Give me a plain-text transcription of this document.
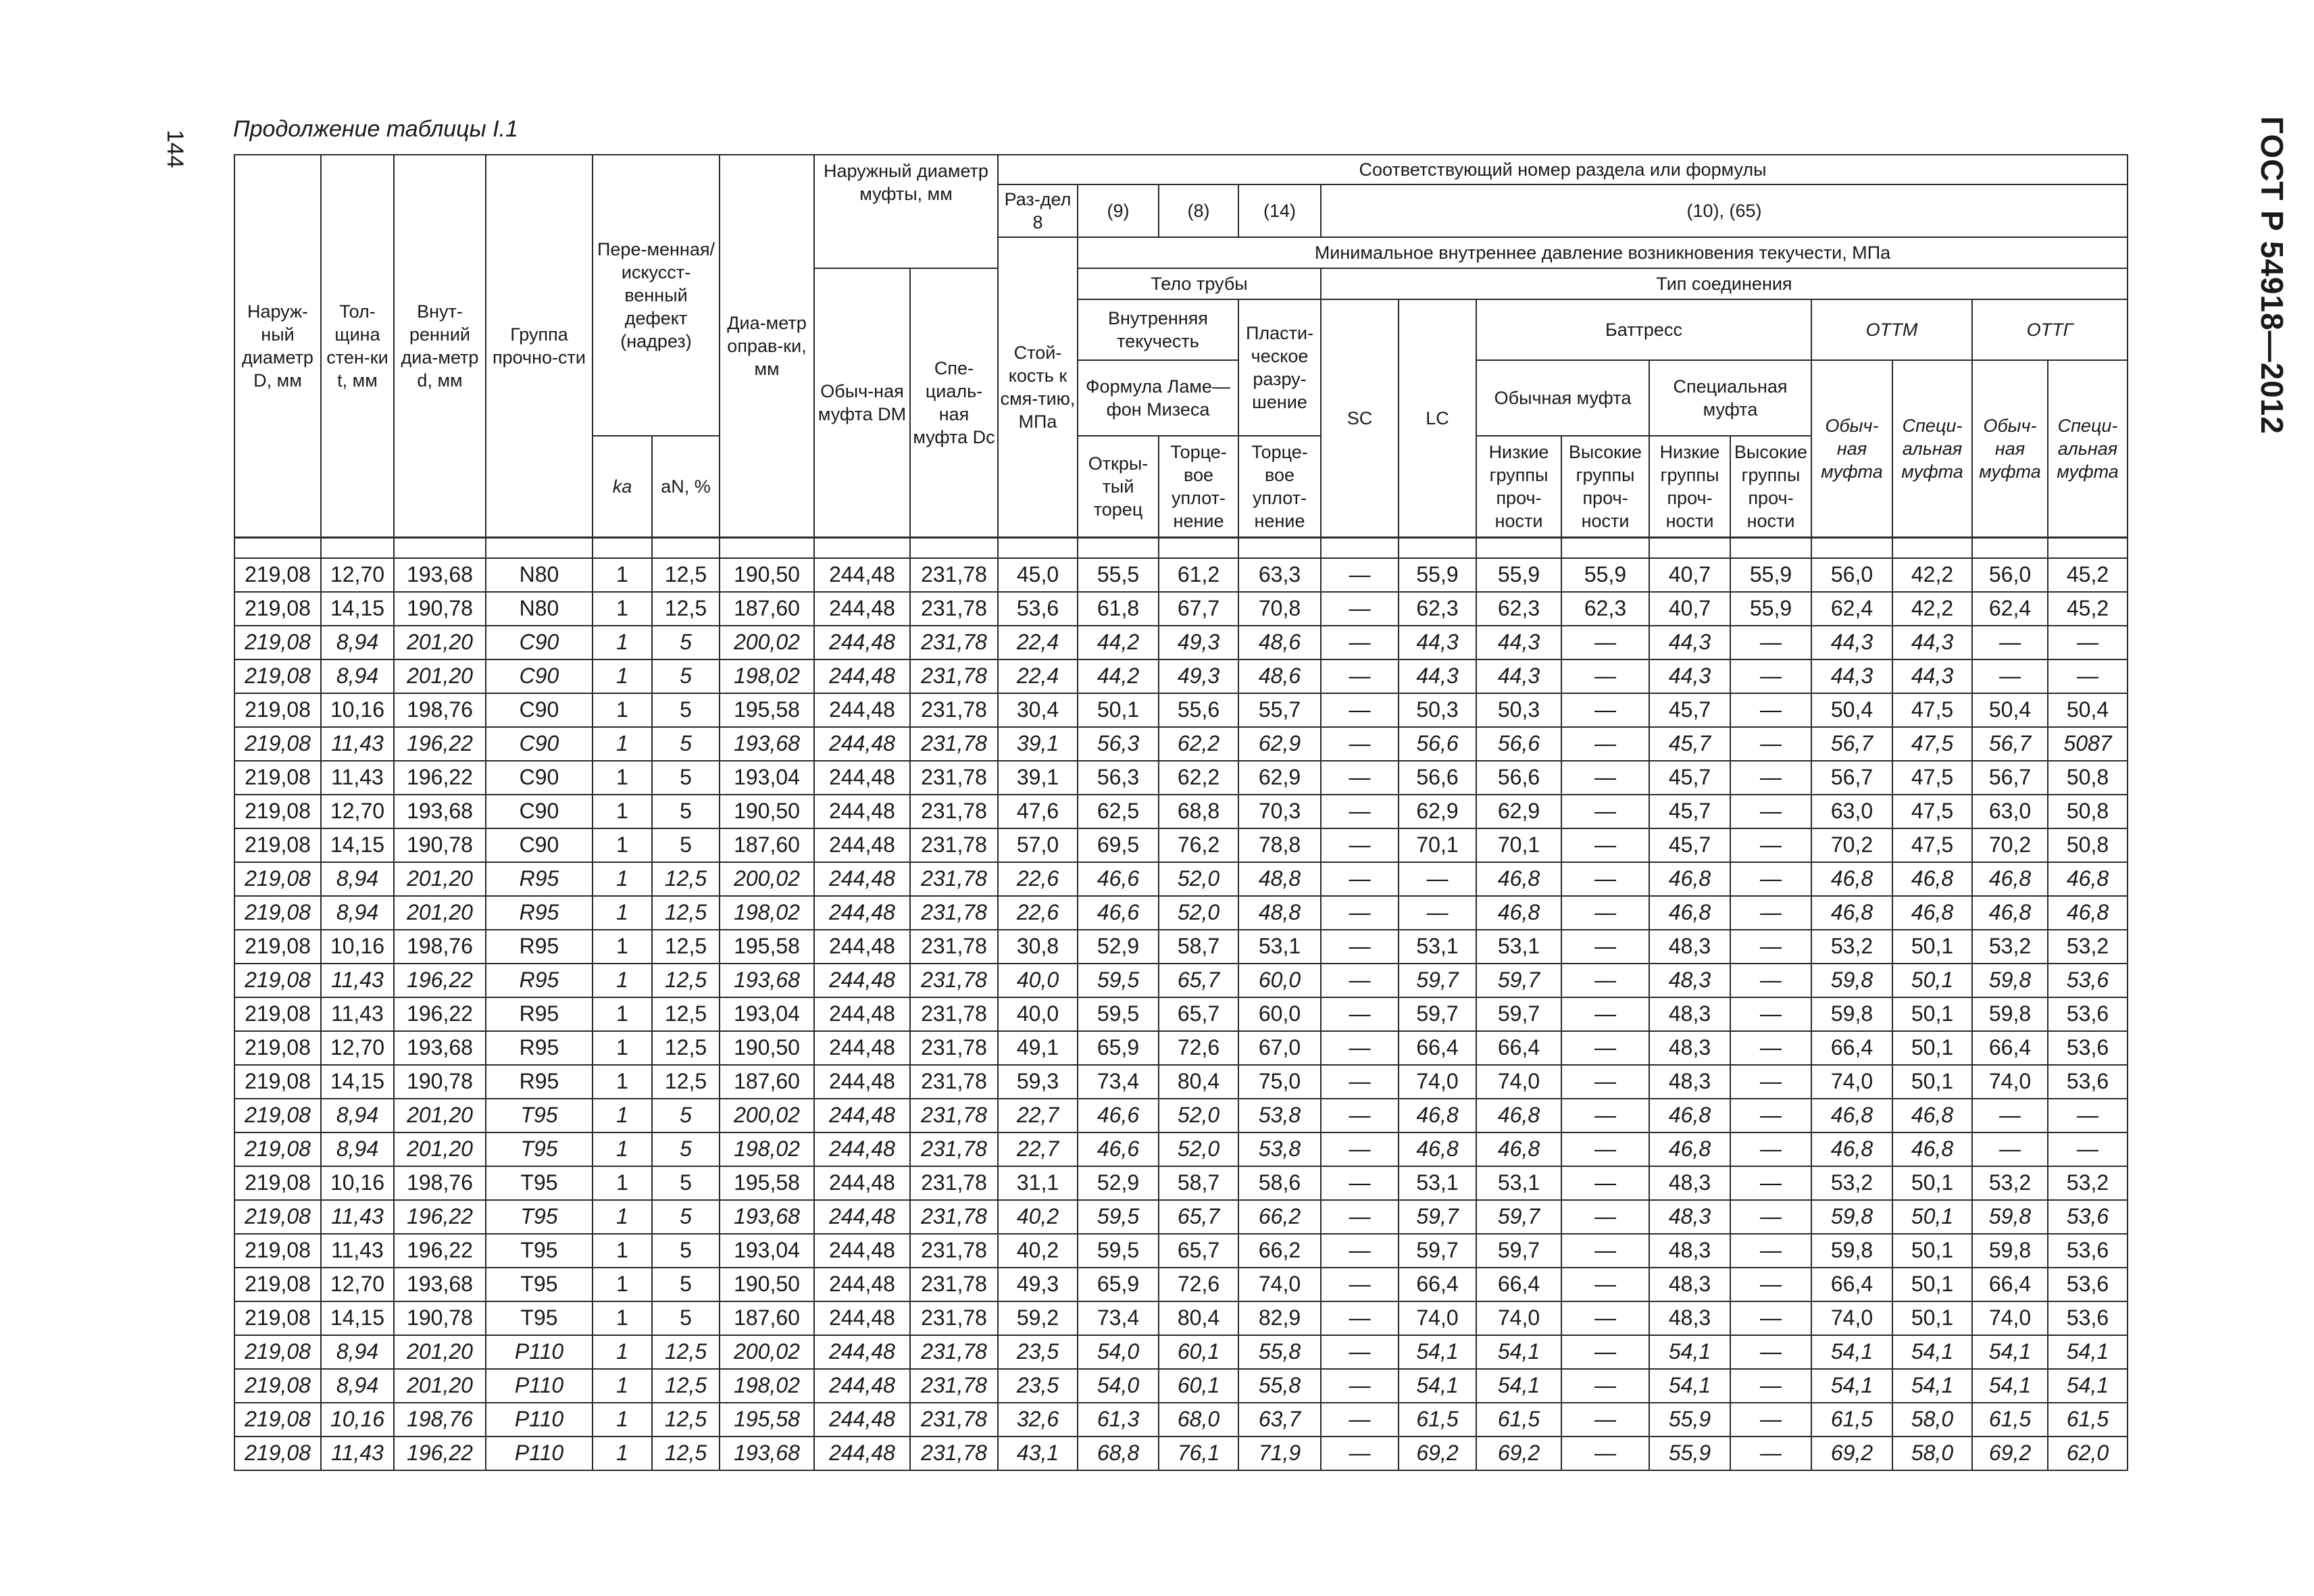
144	ГОСТ Р 54918—2012
Продолжение таблицы I.1
Наруж-ный диаметр D, мм	Тол-щина стен-ки t, мм	Внут-ренний диа-метр d, мм	Группа прочно-сти	Пере-менная/ искусст-венный дефект (надрез)		Диа-метр оправ-ки, мм	Наружный диаметр муфты, мм		Соответствующий номер раздела или формулы													
									Раз-дел 8	(9)	(8)	(14)	(10), (65)									
									Стой-кость к смя-тию, МПа	Минимальное внутреннее давление возникновения текучести, МПа												
							Обыч-ная муфта DМ	Спе-циаль-ная муфта Dс		Тело трубы			Тип соединения									
										Внутренняя текучесть		Пласти-ческое разру-шение	SC	LC	Баттресс				ОТТМ		ОТТГ	
										Формула Ламе—фон Мизеса					Обычная муфта		Специальная муфта		Обыч-ная муфта	Специ-альная муфта	Обыч-ная муфта	Специ-альная муфта
				ka	aN, %					Откры-тый торец	Торце-вое уплот-нение	Торце-вое уплот-нение			Низкие группы проч-ности	Высокие группы проч-ности	Низкие группы проч-ности	Высокие группы проч-ности				

219,08	12,70	193,68	N80	1	12,5	190,50	244,48	231,78	45,0	55,5	61,2	63,3	—	55,9	55,9	55,9	40,7	55,9	56,0	42,2	56,0	45,2
219,08	14,15	190,78	N80	1	12,5	187,60	244,48	231,78	53,6	61,8	67,7	70,8	—	62,3	62,3	62,3	40,7	55,9	62,4	42,2	62,4	45,2
219,08	8,94	201,20	C90	1	5	200,02	244,48	231,78	22,4	44,2	49,3	48,6	—	44,3	44,3	—	44,3	—	44,3	44,3	—	—
219,08	8,94	201,20	C90	1	5	198,02	244,48	231,78	22,4	44,2	49,3	48,6	—	44,3	44,3	—	44,3	—	44,3	44,3	—	—
219,08	10,16	198,76	C90	1	5	195,58	244,48	231,78	30,4	50,1	55,6	55,7	—	50,3	50,3	—	45,7	—	50,4	47,5	50,4	50,4
219,08	11,43	196,22	C90	1	5	193,68	244,48	231,78	39,1	56,3	62,2	62,9	—	56,6	56,6	—	45,7	—	56,7	47,5	56,7	5087
219,08	11,43	196,22	C90	1	5	193,04	244,48	231,78	39,1	56,3	62,2	62,9	—	56,6	56,6	—	45,7	—	56,7	47,5	56,7	50,8
219,08	12,70	193,68	C90	1	5	190,50	244,48	231,78	47,6	62,5	68,8	70,3	—	62,9	62,9	—	45,7	—	63,0	47,5	63,0	50,8
219,08	14,15	190,78	C90	1	5	187,60	244,48	231,78	57,0	69,5	76,2	78,8	—	70,1	70,1	—	45,7	—	70,2	47,5	70,2	50,8
219,08	8,94	201,20	R95	1	12,5	200,02	244,48	231,78	22,6	46,6	52,0	48,8	—	—	46,8	—	46,8	—	46,8	46,8	46,8	46,8
219,08	8,94	201,20	R95	1	12,5	198,02	244,48	231,78	22,6	46,6	52,0	48,8	—	—	46,8	—	46,8	—	46,8	46,8	46,8	46,8
219,08	10,16	198,76	R95	1	12,5	195,58	244,48	231,78	30,8	52,9	58,7	53,1	—	53,1	53,1	—	48,3	—	53,2	50,1	53,2	53,2
219,08	11,43	196,22	R95	1	12,5	193,68	244,48	231,78	40,0	59,5	65,7	60,0	—	59,7	59,7	—	48,3	—	59,8	50,1	59,8	53,6
219,08	11,43	196,22	R95	1	12,5	193,04	244,48	231,78	40,0	59,5	65,7	60,0	—	59,7	59,7	—	48,3	—	59,8	50,1	59,8	53,6
219,08	12,70	193,68	R95	1	12,5	190,50	244,48	231,78	49,1	65,9	72,6	67,0	—	66,4	66,4	—	48,3	—	66,4	50,1	66,4	53,6
219,08	14,15	190,78	R95	1	12,5	187,60	244,48	231,78	59,3	73,4	80,4	75,0	—	74,0	74,0	—	48,3	—	74,0	50,1	74,0	53,6
219,08	8,94	201,20	T95	1	5	200,02	244,48	231,78	22,7	46,6	52,0	53,8	—	46,8	46,8	—	46,8	—	46,8	46,8	—	—
219,08	8,94	201,20	T95	1	5	198,02	244,48	231,78	22,7	46,6	52,0	53,8	—	46,8	46,8	—	46,8	—	46,8	46,8	—	—
219,08	10,16	198,76	T95	1	5	195,58	244,48	231,78	31,1	52,9	58,7	58,6	—	53,1	53,1	—	48,3	—	53,2	50,1	53,2	53,2
219,08	11,43	196,22	T95	1	5	193,68	244,48	231,78	40,2	59,5	65,7	66,2	—	59,7	59,7	—	48,3	—	59,8	50,1	59,8	53,6
219,08	11,43	196,22	T95	1	5	193,04	244,48	231,78	40,2	59,5	65,7	66,2	—	59,7	59,7	—	48,3	—	59,8	50,1	59,8	53,6
219,08	12,70	193,68	T95	1	5	190,50	244,48	231,78	49,3	65,9	72,6	74,0	—	66,4	66,4	—	48,3	—	66,4	50,1	66,4	53,6
219,08	14,15	190,78	T95	1	5	187,60	244,48	231,78	59,2	73,4	80,4	82,9	—	74,0	74,0	—	48,3	—	74,0	50,1	74,0	53,6
219,08	8,94	201,20	P110	1	12,5	200,02	244,48	231,78	23,5	54,0	60,1	55,8	—	54,1	54,1	—	54,1	—	54,1	54,1	54,1	54,1
219,08	8,94	201,20	P110	1	12,5	198,02	244,48	231,78	23,5	54,0	60,1	55,8	—	54,1	54,1	—	54,1	—	54,1	54,1	54,1	54,1
219,08	10,16	198,76	P110	1	12,5	195,58	244,48	231,78	32,6	61,3	68,0	63,7	—	61,5	61,5	—	55,9	—	61,5	58,0	61,5	61,5
219,08	11,43	196,22	P110	1	12,5	193,68	244,48	231,78	43,1	68,8	76,1	71,9	—	69,2	69,2	—	55,9	—	69,2	58,0	69,2	62,0
